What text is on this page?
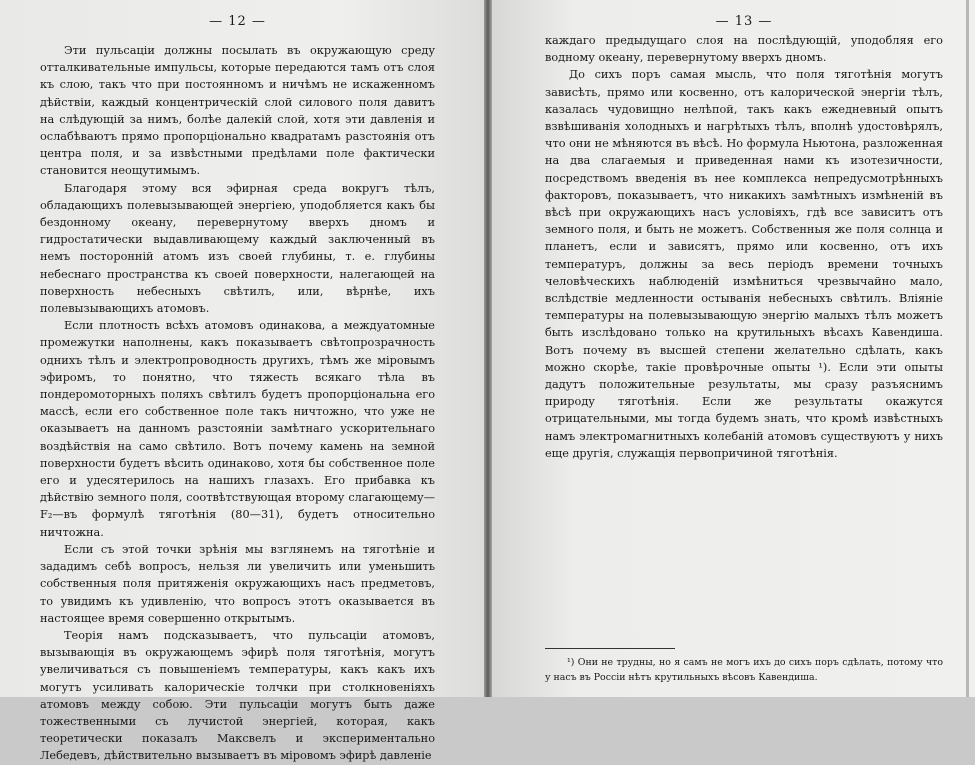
— 12 —

Эти пульсаціи должны посылать въ окружающую среду отталкивательные импульсы, которые передаются тамъ отъ слоя къ слою, такъ что при постоянномъ и ничѣмъ не искаженномъ дѣйствіи, каждый концентрическій слой силового поля давитъ на слѣдующій за нимъ, болѣе далекій слой, хотя эти давленія и ослабѣваютъ прямо пропорціонально квадратамъ разстоянія отъ центра поля, и за извѣстными предѣлами поле фактически становится неощутимымъ.

Благодаря этому вся эфирная среда вокругъ тѣлъ, обладающихъ полевызывающей энергіею, уподобляется какъ бы бездонному океану, перевернутому вверхъ дномъ и гидростатически выдавливающему каждый заключенный въ немъ посторонній атомъ изъ своей глубины, т. е. глубины небеснаго пространства къ своей поверхности, налегающей на поверхность небесныхъ свѣтилъ, или, вѣрнѣе, ихъ полевызывающихъ атомовъ.

Если плотность всѣхъ атомовъ одинакова, а междуатомные промежутки наполнены, какъ показываетъ свѣтопрозрачность однихъ тѣлъ и электропроводность другихъ, тѣмъ же міровымъ эфиромъ, то понятно, что тяжесть всякаго тѣла въ пондеромоторныхъ поляхъ свѣтилъ будетъ пропорціональна его массѣ, если его собственное поле такъ ничтожно, что уже не оказываетъ на данномъ разстояніи замѣтнаго ускорительнаго воздѣйствія на само свѣтило. Вотъ почему камень на земной поверхности будетъ вѣсить одинаково, хотя бы собственное поле его и удесятерилось на нашихъ глазахъ. Его прибавка къ дѣйствію земного поля, соотвѣтствующая второму слагающему—F₂—въ формулѣ тяготѣнія (80—31), будетъ относительно ничтожна.

Если съ этой точки зрѣнія мы взглянемъ на тяготѣніе и зададимъ себѣ вопросъ, нельзя ли увеличить или уменьшить собственныя поля притяженія окружающихъ насъ предметовъ, то увидимъ къ удивленію, что вопросъ этотъ оказывается въ настоящее время совершенно открытымъ.

Теорія намъ подсказываетъ, что пульсаціи атомовъ, вызывающія въ окружающемъ эфирѣ поля тяготѣнія, могутъ увеличиваться съ повышеніемъ температуры, какъ какъ ихъ могутъ усиливать калорическіе толчки при столкновеніяхъ атомовъ между собою. Эти пульсаціи могутъ быть даже тожественными съ лучистой энергіей, которая, какъ теоретически показалъ Максвелъ и экспериментально Лебедевъ, дѣйствительно вызываетъ въ міровомъ эфирѣ давленіе

— 13 —

каждаго предыдущаго слоя на послѣдующій, уподобляя его водному океану, перевернутому вверхъ дномъ.

До сихъ поръ самая мысль, что поля тяготѣнія могутъ зависѣть, прямо или косвенно, отъ калорической энергіи тѣлъ, казалась чудовищно нелѣпой, такъ какъ ежедневный опытъ взвѣшиванія холодныхъ и нагрѣтыхъ тѣлъ, вполнѣ удостовѣрялъ, что они не мѣняются въ вѣсѣ. Но формула Ньютона, разложенная на два слагаемыя и приведенная нами къ изотезичности, посредствомъ введенія въ нее комплекса непредусмотрѣнныхъ факторовъ, показываетъ, что никакихъ замѣтныхъ измѣненій въ вѣсѣ при окружающихъ насъ условіяхъ, гдѣ все зависитъ отъ земного поля, и быть не можетъ. Собственныя же поля солнца и планетъ, если и зависятъ, прямо или косвенно, отъ ихъ температуръ, должны за весь періодъ времени точныхъ человѣческихъ наблюденій измѣниться чрезвычайно мало, вслѣдствіе медленности остыванія небесныхъ свѣтилъ. Вліяніе температуры на полевызывающую энергію малыхъ тѣлъ можетъ быть изслѣдовано только на крутильныхъ вѣсахъ Кавендиша. Вотъ почему въ высшей степени желательно сдѣлать, какъ можно скорѣе, такіе провѣрочные опыты ¹). Если эти опыты дадутъ положительные результаты, мы сразу разъяснимъ природу тяготѣнія. Если же результаты окажутся отрицательными, мы тогда будемъ знать, что кромѣ извѣстныхъ намъ электромагнитныхъ колебаній атомовъ существуютъ у нихъ еще другія, служащія первопричиной тяготѣнія.

¹) Они не трудны, но я самъ не могъ ихъ до сихъ поръ сдѣлать, потому что у насъ въ Россіи нѣтъ крутильныхъ вѣсовъ Кавендиша.
